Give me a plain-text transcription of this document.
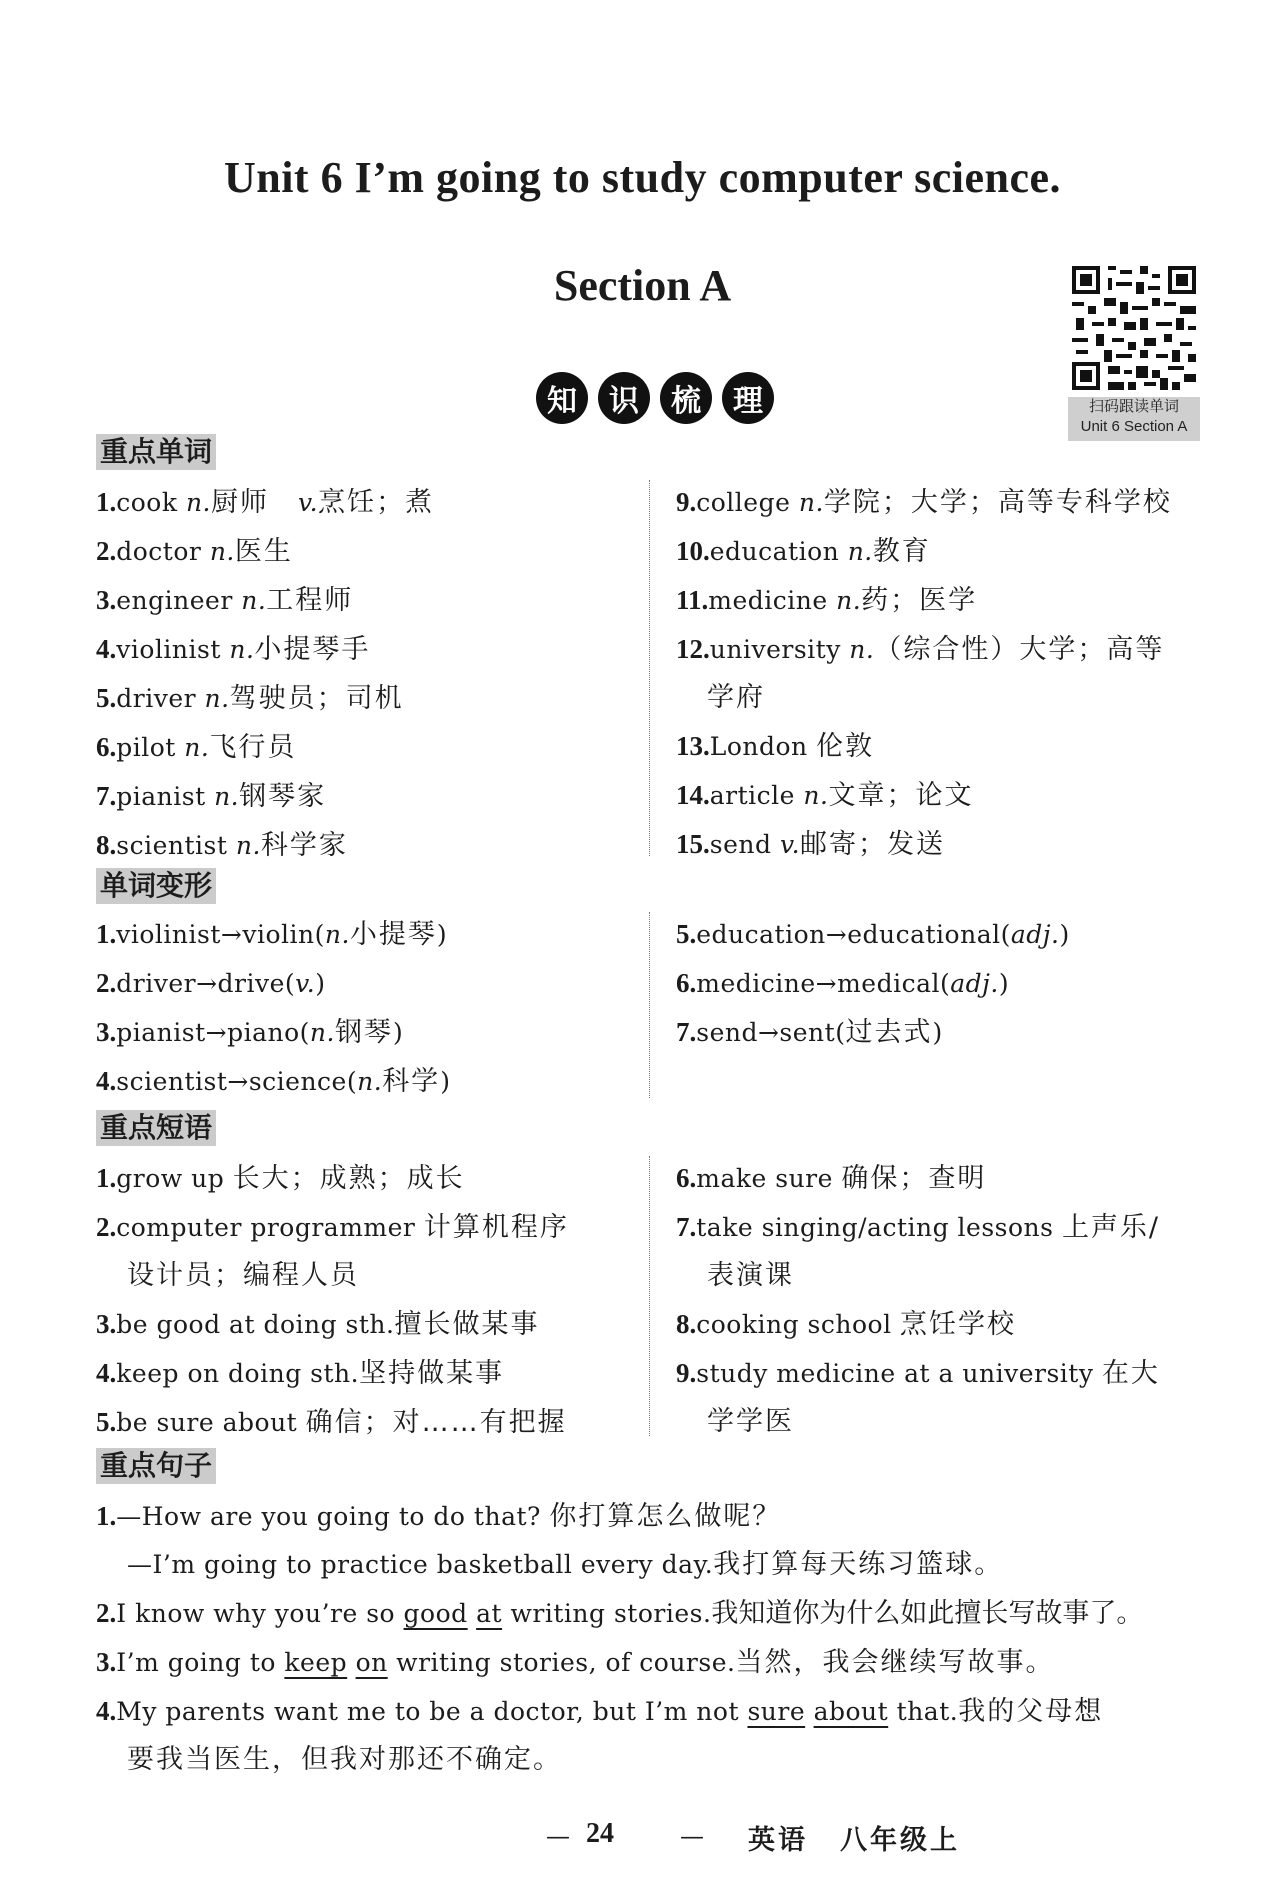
Unit 6 I’m going to study computer science.
Section A
扫码跟读单词
Unit 6 Section A
知	识	梳	理
重点单词
1.cook n.厨师　v.烹饪；煮
2.doctor n.医生
3.engineer n.工程师
4.violinist n.小提琴手
5.driver n.驾驶员；司机
6.pilot n.飞行员
7.pianist n.钢琴家
8.scientist n.科学家
9.college n.学院；大学；高等专科学校
10.education n.教育
11.medicine n.药；医学
12.university n.（综合性）大学；高等
学府
13.London 伦敦
14.article n.文章；论文
15.send v.邮寄；发送
单词变形
1.violinist→violin(n.小提琴)
2.driver→drive(v.)
3.pianist→piano(n.钢琴)
4.scientist→science(n.科学)
5.education→educational(adj.)
6.medicine→medical(adj.)
7.send→sent(过去式)
重点短语
1.grow up 长大；成熟；成长
2.computer programmer 计算机程序
设计员；编程人员
3.be good at doing sth.擅长做某事
4.keep on doing sth.坚持做某事
5.be sure about 确信；对……有把握
6.make sure 确保；查明
7.take singing/acting lessons 上声乐/
表演课
8.cooking school 烹饪学校
9.study medicine at a university 在大
学学医
重点句子
1.—How are you going to do that? 你打算怎么做呢？
—I’m going to practice basketball every day.我打算每天练习篮球。
2.I know why you’re so good at writing stories.我知道你为什么如此擅长写故事了。
3.I’m going to keep on writing stories, of course.当然，我会继续写故事。
4.My parents want me to be a doctor, but I’m not sure about that.我的父母想
要我当医生，但我对那还不确定。
— 24	— 英语 八年级上
